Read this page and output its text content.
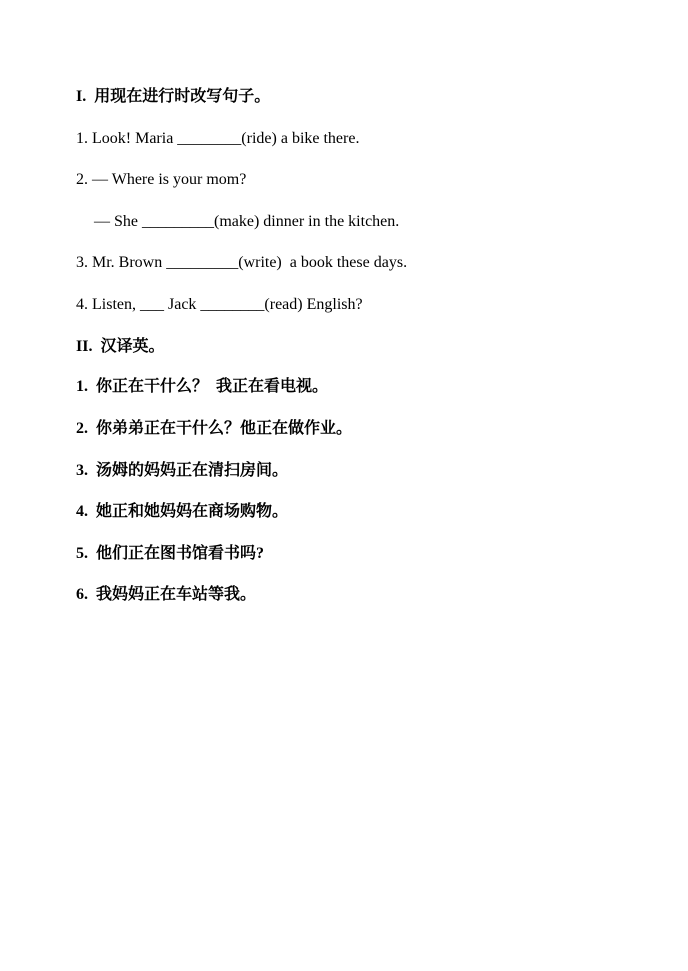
I.  用现在进行时改写句子。
1. Look! Maria ________(ride) a bike there.
2. — Where is your mom?
— She _________(make) dinner in the kitchen.
3. Mr. Brown _________(write)  a book these days.
4. Listen, ___ Jack ________(read) English?
II.  汉译英。
1.  你正在干什么？  我正在看电视。
2.  你弟弟正在干什么？他正在做作业。
3.  汤姆的妈妈正在清扫房间。
4.  她正和她妈妈在商场购物。
5.  他们正在图书馆看书吗?
6.  我妈妈正在车站等我。
